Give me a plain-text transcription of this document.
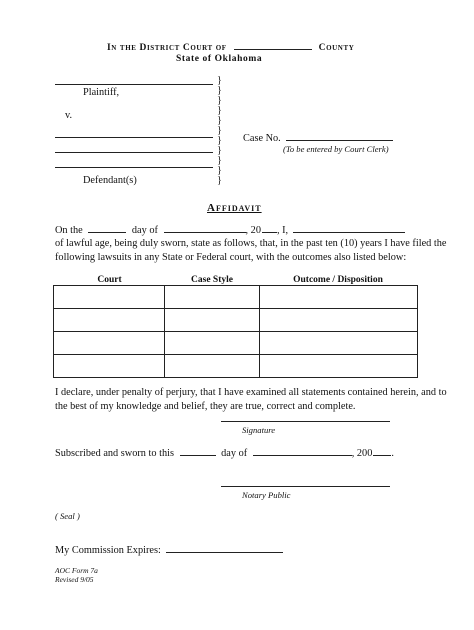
In the District Court of	County
State of Oklahoma
Plaintiff,
v.
Defendant(s)
}
}
}
}
}
}
}
}
}
}
}
Case No.
(To be entered by Court Clerk)
Affidavit
On the	day of	, 20 , I,
of lawful age, being duly sworn, state as follows, that, in the past ten (10) years I have filed the
following lawsuits in any State or Federal court, with the outcomes also listed below:
Court	Case Style	Outcome / Disposition

I declare, under penalty of perjury, that I have examined all statements contained herein, and to
the best of my knowledge and belief, they are true, correct and complete.
Signature
Subscribed and sworn to this	day of	, 200 .
Notary Public
( Seal )
My Commission Expires:
AOC Form 7a
Revised 9/05
